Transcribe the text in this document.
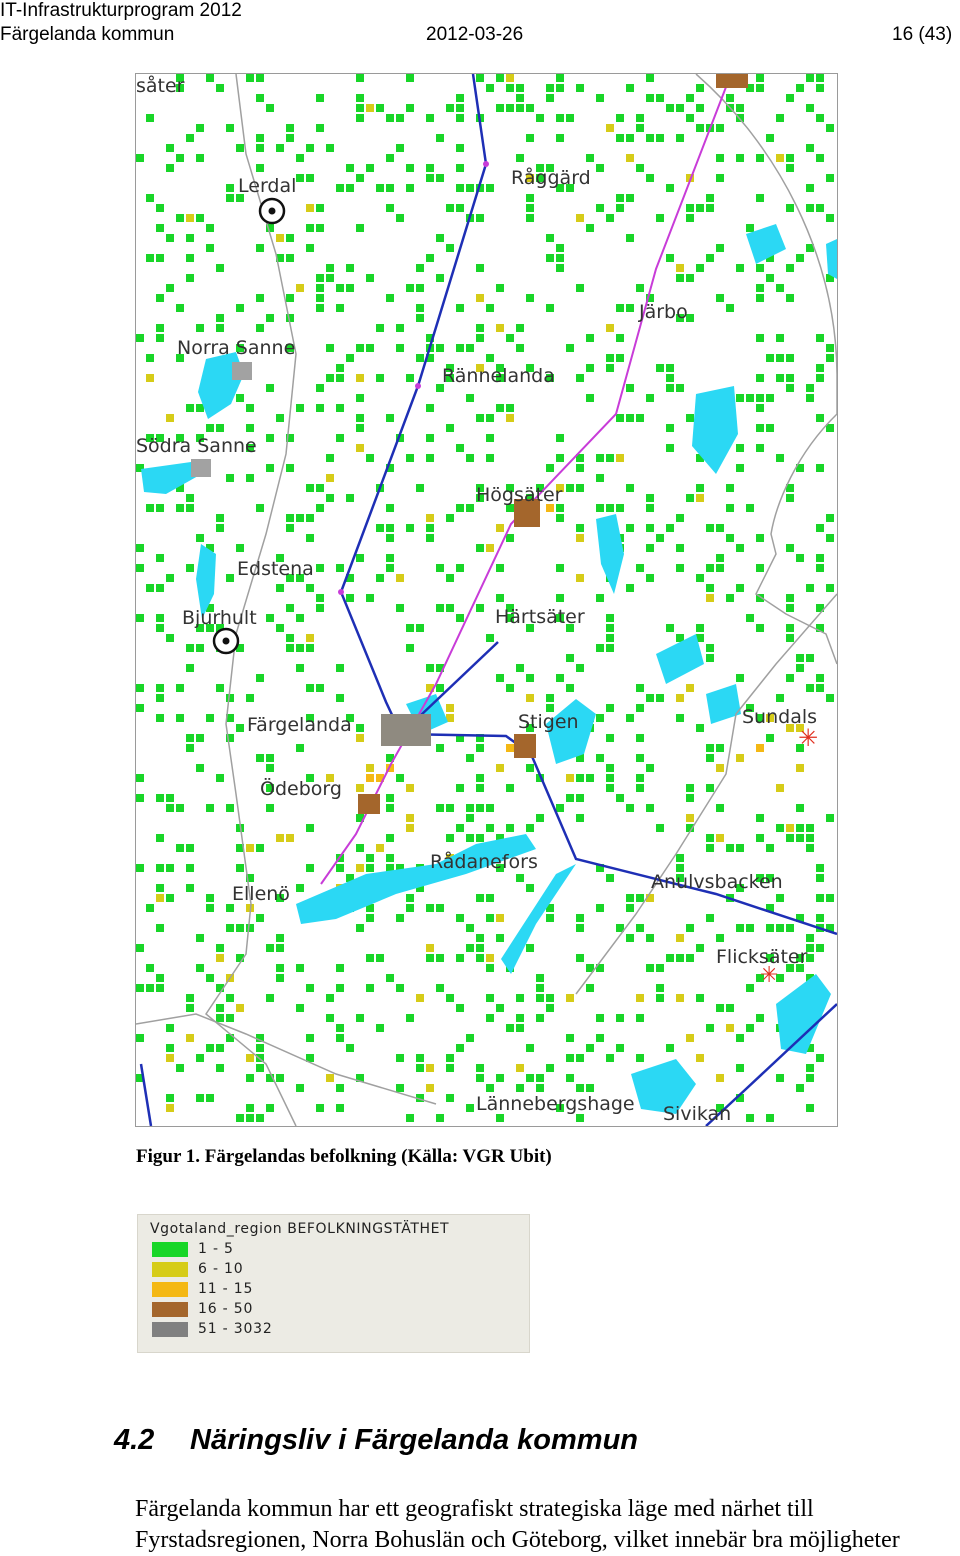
IT-Infrastrukturprogram 2012
Färgelanda kommun	2012-03-26	16 (43)
✳
✳
såter
Lerdal	Råggärd
Järbo
Norra Sanne
Rännelanda
Södra Sanne
Högsäter
Edstena
Bjurhult	Härtsäter
Färgelanda	Stigen	Sundals
Ödeborg
Rådanefors
Ellenö
Anulvsbacken
Flicksäter
Lännebergshage Sivikan
Figur 1. Färgelandas befolkning (Källa: VGR Ubit)
Vgotaland_region BEFOLKNINGSTÄTHET
1 - 5
6 - 10
11 - 15
16 - 50
51 - 3032
4.2 Näringsliv i Färgelanda kommun
Färgelanda kommun har ett geografiskt strategiska läge med närhet till
Fyrstadsregionen, Norra Bohuslän och Göteborg, vilket innebär bra möjligheter
